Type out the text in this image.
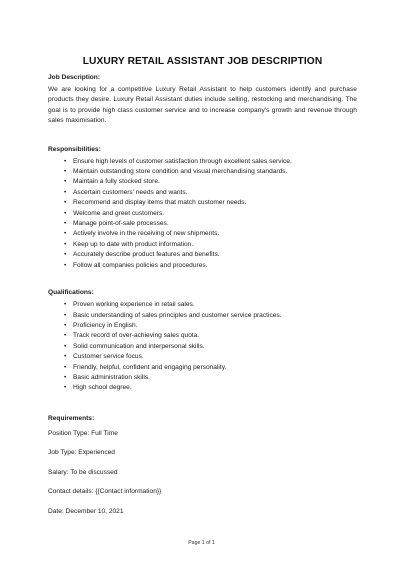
LUXURY RETAIL ASSISTANT JOB DESCRIPTION
Job Description:
We are looking for a competitive Luxury Retail Assistant to help customers identify and purchase products they desire. Luxury Retail Assistant duties include selling, restocking and merchandising. The goal is to provide high class customer service and to increase company's growth and revenue through sales maximisation.
Responsibilities:
• Ensure high levels of customer satisfaction through excellent sales service.
• Maintain outstanding store condition and visual merchandising standards.
• Maintain a fully stocked store.
• Ascertain customers' needs and wants.
• Recommend and display items that match customer needs.
• Welcome and greet customers.
• Manage point-of-sale processes.
• Actively involve in the receiving of new shipments.
• Keep up to date with product information.
• Accurately describe product features and benefits.
• Follow all companies policies and procedures.
Qualifications:
• Proven working experience in retail sales.
• Basic understanding of sales principles and customer service practices.
• Proficiency in English.
• Track record of over-achieving sales quota.
• Solid communication and interpersonal skills.
• Customer service focus.
• Friendly, helpful, confident and engaging personality.
• Basic administration skills.
• High school degree.
Requirements:
Position Type: Full Time
Job Type: Experienced
Salary: To be discussed
Contact details: {{Contact information}}
Date: December 10, 2021
Page 1 of 1
